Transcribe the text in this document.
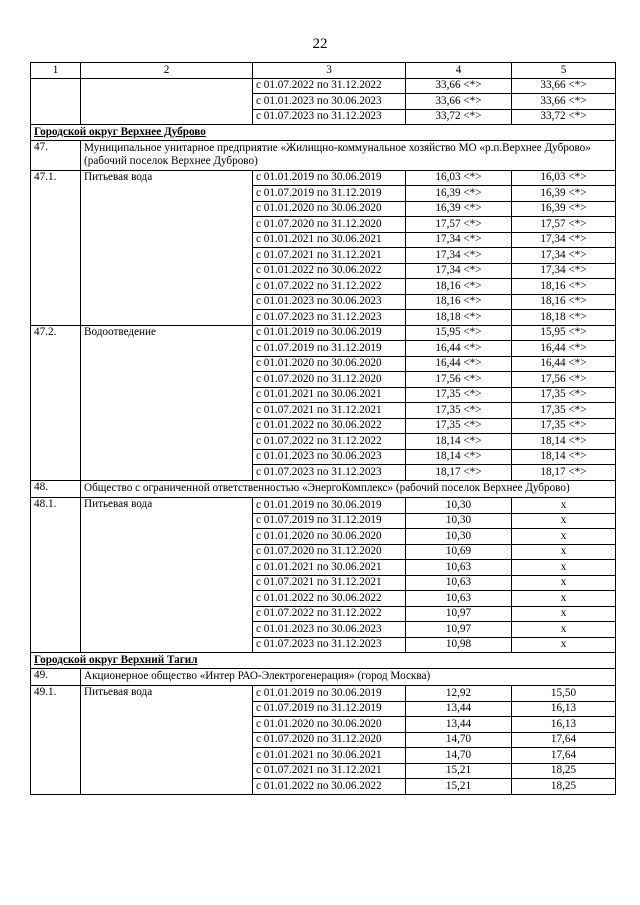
22
1	2	3	4	5
		с 01.07.2022 по 31.12.2022	33,66 <*>	33,66 <*>
		с 01.01.2023 по 30.06.2023	33,66 <*>	33,66 <*>
		с 01.07.2023 по 31.12.2023	33,72 <*>	33,72 <*>
Городской округ Верхнее Дуброво				
47.	Муниципальное унитарное предприятие «Жилищно-коммунальное хозяйство МО «р.п.Верхнее Дуброво» (рабочий поселок Верхнее Дуброво)			
47.1.	Питьевая вода	с 01.01.2019 по 30.06.2019	16,03 <*>	16,03 <*>
		с 01.07.2019 по 31.12.2019	16,39 <*>	16,39 <*>
		с 01.01.2020 по 30.06.2020	16,39 <*>	16,39 <*>
		с 01.07.2020 по 31.12.2020	17,57 <*>	17,57 <*>
		с 01.01.2021 по 30.06.2021	17,34 <*>	17,34 <*>
		с 01.07.2021 по 31.12.2021	17,34 <*>	17,34 <*>
		с 01.01.2022 по 30.06.2022	17,34 <*>	17,34 <*>
		с 01.07.2022 по 31.12.2022	18,16 <*>	18,16 <*>
		с 01.01.2023 по 30.06.2023	18,16 <*>	18,16 <*>
		с 01.07.2023 по 31.12.2023	18,18 <*>	18,18 <*>
47.2.	Водоотведение	с 01.01.2019 по 30.06.2019	15,95 <*>	15,95 <*>
		с 01.07.2019 по 31.12.2019	16,44 <*>	16,44 <*>
		с 01.01.2020 по 30.06.2020	16,44 <*>	16,44 <*>
		с 01.07.2020 по 31.12.2020	17,56 <*>	17,56 <*>
		с 01.01.2021 по 30.06.2021	17,35 <*>	17,35 <*>
		с 01.07.2021 по 31.12.2021	17,35 <*>	17,35 <*>
		с 01.01.2022 по 30.06.2022	17,35 <*>	17,35 <*>
		с 01.07.2022 по 31.12.2022	18,14 <*>	18,14 <*>
		с 01.01.2023 по 30.06.2023	18,14 <*>	18,14 <*>
		с 01.07.2023 по 31.12.2023	18,17 <*>	18,17 <*>
48.	Общество с ограниченной ответственностью «ЭнергоКомплекс» (рабочий поселок Верхнее Дуброво)			
48.1.	Питьевая вода	с 01.01.2019 по 30.06.2019	10,30	х
		с 01.07.2019 по 31.12.2019	10,30	х
		с 01.01.2020 по 30.06.2020	10,30	х
		с 01.07.2020 по 31.12.2020	10,69	х
		с 01.01.2021 по 30.06.2021	10,63	х
		с 01.07.2021 по 31.12.2021	10,63	х
		с 01.01.2022 по 30.06.2022	10,63	х
		с 01.07.2022 по 31.12.2022	10,97	х
		с 01.01.2023 по 30.06.2023	10,97	х
		с 01.07.2023 по 31.12.2023	10,98	х
Городской округ Верхний Тагил				
49.	Акционерное общество «Интер РАО-Электрогенерация» (город Москва)			
49.1.	Питьевая вода	с 01.01.2019 по 30.06.2019	12,92	15,50
		с 01.07.2019 по 31.12.2019	13,44	16,13
		с 01.01.2020 по 30.06.2020	13,44	16,13
		с 01.07.2020 по 31.12.2020	14,70	17,64
		с 01.01.2021 по 30.06.2021	14,70	17,64
		с 01.07.2021 по 31.12.2021	15,21	18,25
		с 01.01.2022 по 30.06.2022	15,21	18,25
